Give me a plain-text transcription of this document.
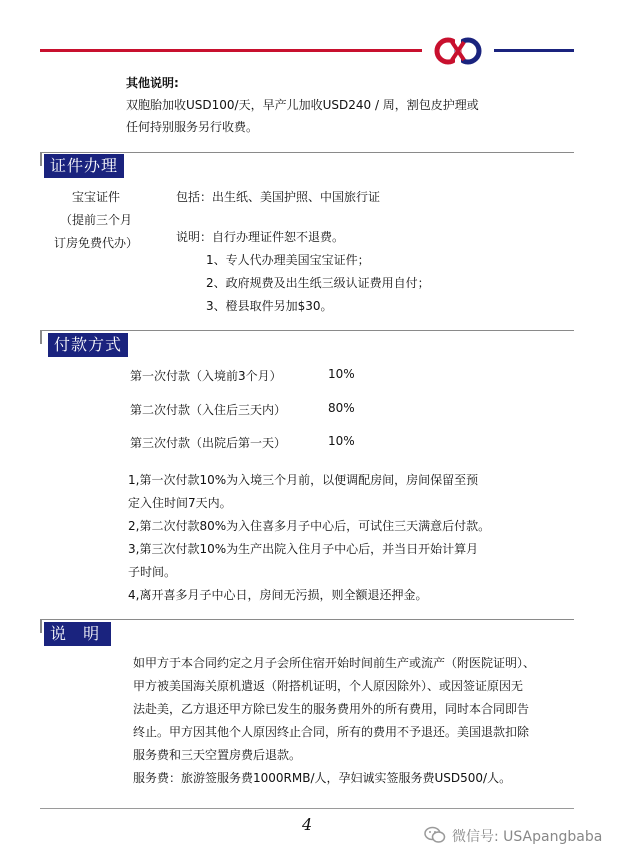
其他说明:
双胞胎加收USD100/天，早产儿加收USD240 / 周，割包皮护理或
任何持别服务另行收费。
证件办理
宝宝证件
（提前三个月
订房免费代办）
包括：出生纸、美国护照、中国旅行证
说明：自行办理证件恕不退费。
1、专人代办理美国宝宝证件；
2、政府规费及出生纸三级认证费用自付；
3、橙县取件另加$30。
付款方式
第一次付款（入境前3个月）	10%
第二次付款（入住后三天内）	80%
第三次付款（出院后第一天）	10%
1,第一次付款10%为入境三个月前，以便调配房间，房间保留至预
定入住时间7天内。
2,第二次付款80%为入住喜多月子中心后，可试住三天满意后付款。
3,第三次付款10%为生产出院入住月子中心后，并当日开始计算月
子时间。
4,离开喜多月子中心日，房间无污损，则全额退还押金。
说 明
如甲方于本合同约定之月子会所住宿开始时间前生产或流产（附医院证明）、
甲方被美国海关原机遣返（附搭机证明，个人原因除外）、或因签证原因无
法赴美，乙方退还甲方除已发生的服务费用外的所有费用，同时本合同即告
终止。甲方因其他个人原因终止合同，所有的费用不予退还。美国退款扣除
服务费和三天空置房费后退款。
服务费：旅游签服务费1000RMB/人，孕妇诚实签服务费USD500/人。
4
微信号: USApangbaba
